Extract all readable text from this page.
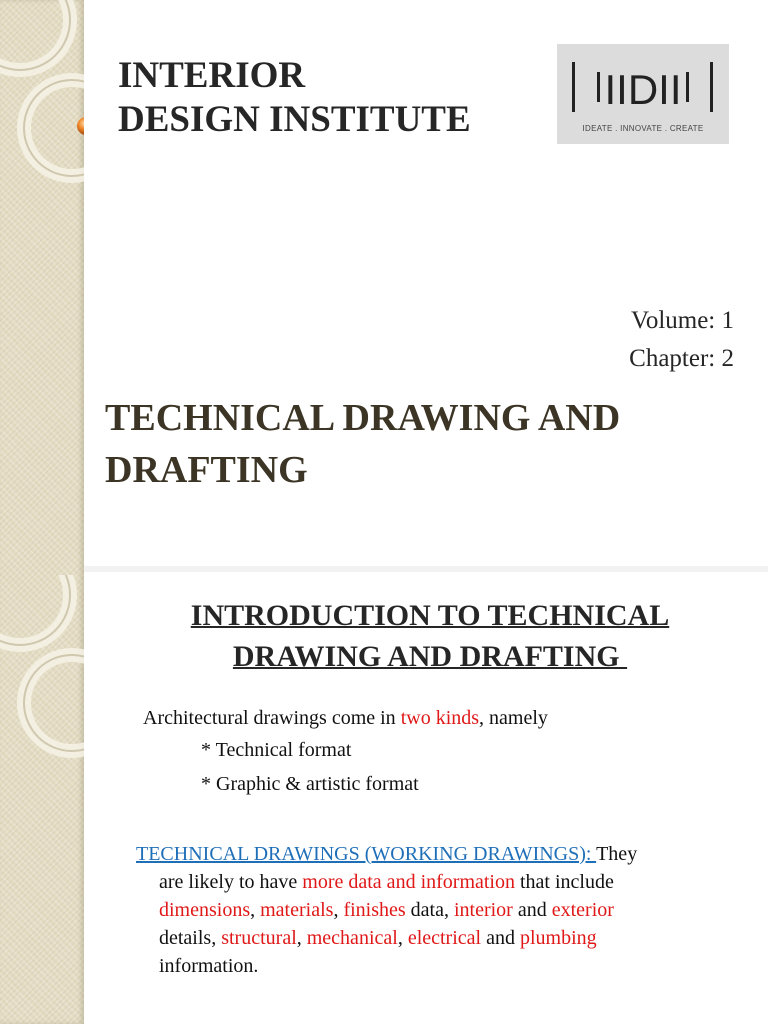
INTERIOR
DESIGN INSTITUTE
IIDII
IDEATE . INNOVATE . CREATE
Volume: 1
Chapter: 2
TECHNICAL DRAWING AND
DRAFTING
INTRODUCTION TO TECHNICAL
DRAWING AND DRAFTING
Architectural drawings come in two kinds, namely
* Technical format
* Graphic & artistic format
TECHNICAL DRAWINGS (WORKING DRAWINGS): They
are likely to have more data and information that include
dimensions, materials, finishes data, interior and exterior
details, structural, mechanical, electrical and plumbing
information.
